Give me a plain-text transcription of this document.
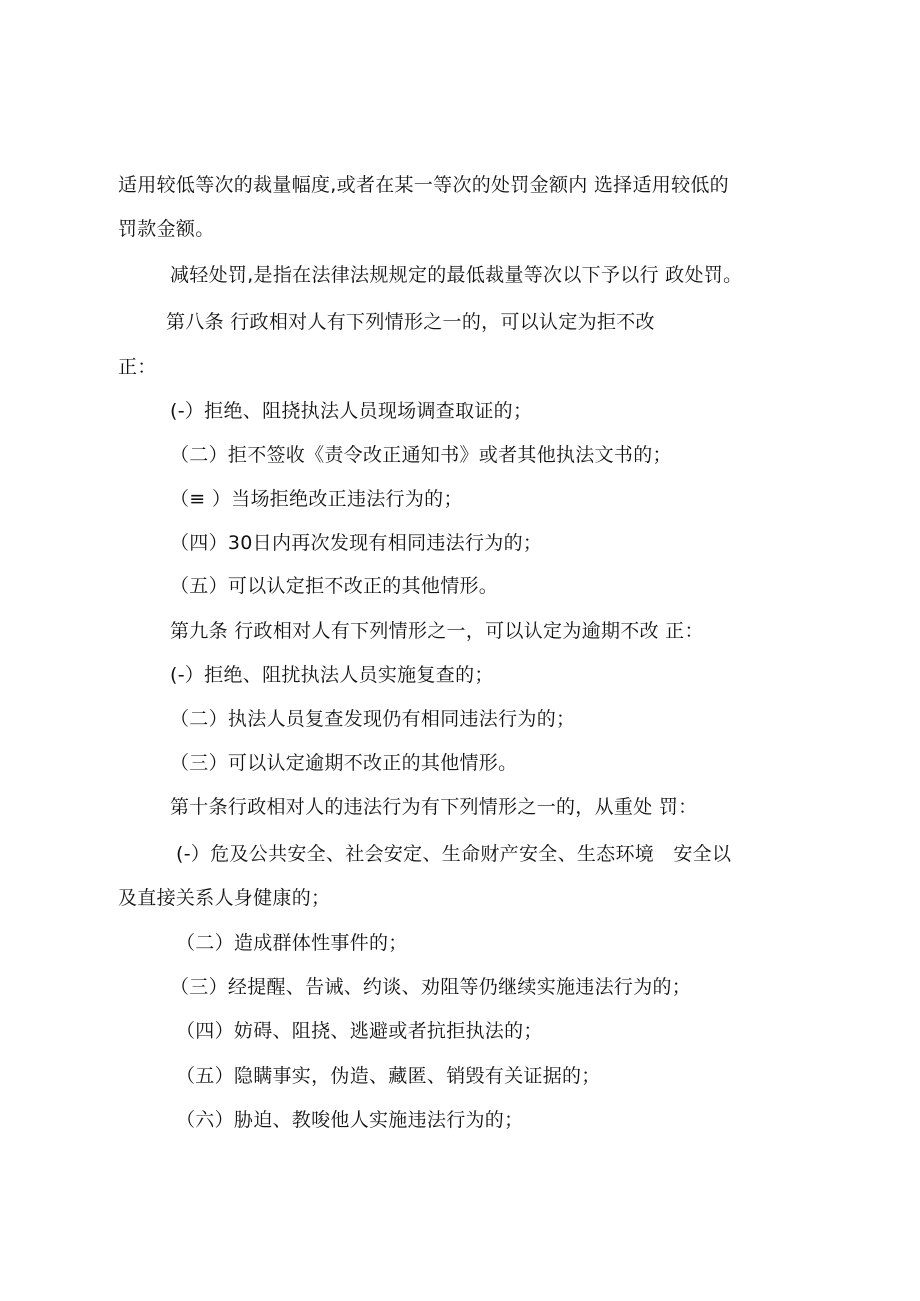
适用较低等次的裁量幅度,或者在某一等次的处罚金额内 选择适用较低的
罚款金额。
减轻处罚,是指在法律法规规定的最低裁量等次以下予以行 政处罚。
第八条 行政相对人有下列情形之一的，可以认定为拒不改
正：
(-）拒绝、阻挠执法人员现场调查取证的；
（二）拒不签收《责令改正通知书》或者其他执法文书的；
（≡ ）当场拒绝改正违法行为的；
（四）30日内再次发现有相同违法行为的；
（五）可以认定拒不改正的其他情形。
第九条 行政相对人有下列情形之一，可以认定为逾期不改 正：
(-）拒绝、阻扰执法人员实施复查的；
（二）执法人员复查发现仍有相同违法行为的；
（三）可以认定逾期不改正的其他情形。
第十条行政相对人的违法行为有下列情形之一的，从重处 罚：
(-）危及公共安全、社会安定、生命财产安全、生态环境　安全以
及直接关系人身健康的；
（二）造成群体性事件的；
（三）经提醒、告诫、约谈、劝阻等仍继续实施违法行为的；
（四）妨碍、阻挠、逃避或者抗拒执法的；
（五）隐瞒事实，伪造、藏匿、销毁有关证据的；
（六）胁迫、教唆他人实施违法行为的；
